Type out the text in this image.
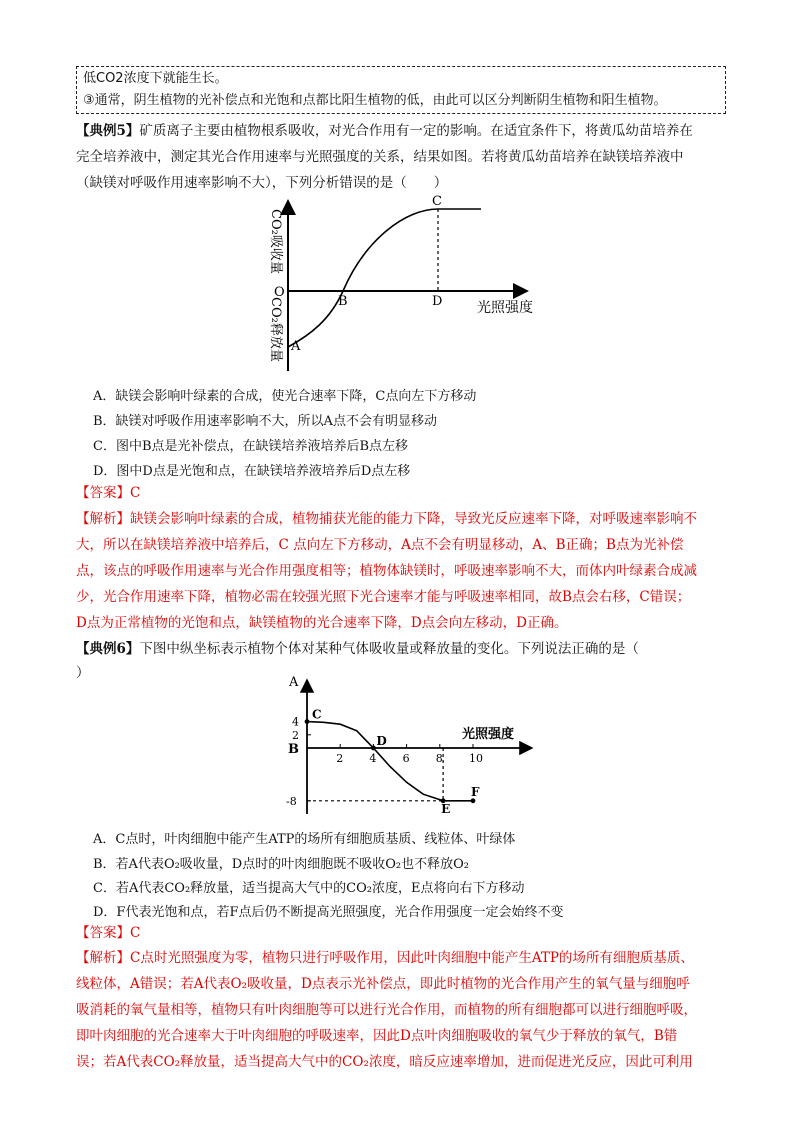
低CO2浓度下就能生长。
③通常，阴生植物的光补偿点和光饱和点都比阳生植物的低，由此可以区分判断阴生植物和阳生植物。
【典例5】矿质离子主要由植物根系吸收，对光合作用有一定的影响。在适宜条件下，将黄瓜幼苗培养在
完全培养液中，测定其光合作用速率与光照强度的关系，结果如图。若将黄瓜幼苗培养在缺镁培养液中
（缺镁对呼吸作用速率影响不大），下列分析错误的是（　　）
CO₂吸收量
CO₂释放量
O
A
B
C
D 光照强度
A．缺镁会影响叶绿素的合成，使光合速率下降，C点向左下方移动
B．缺镁对呼吸作用速率影响不大，所以A点不会有明显移动
C．图中B点是光补偿点，在缺镁培养液培养后B点左移
D．图中D点是光饱和点，在缺镁培养液培养后D点左移
【答案】C
【解析】缺镁会影响叶绿素的合成，植物捕获光能的能力下降，导致光反应速率下降，对呼吸速率影响不
大，所以在缺镁培养液中培养后，C 点向左下方移动，A点不会有明显移动，A、B正确；B点为光补偿
点，该点的呼吸作用速率与光合作用强度相等；植物体缺镁时，呼吸速率影响不大，而体内叶绿素合成减
少，光合作用速率下降，植物必需在较强光照下光合速率才能与呼吸速率相同，故B点会右移，C错误；
D点为正常植物的光饱和点，缺镁植物的光合速率下降，D点会向左移动，D正确。
【典例6】下图中纵坐标表示植物个体对某种气体吸收量或释放量的变化。下列说法正确的是（
）
2 4 6 8 10
4
2
-8
C
D
E
F
A
B
光照强度
A．C点时，叶肉细胞中能产生ATP的场所有细胞质基质、线粒体、叶绿体
B．若A代表O₂吸收量，D点时的叶肉细胞既不吸收O₂也不释放O₂
C．若A代表CO₂释放量，适当提高大气中的CO₂浓度，E点将向右下方移动
D．F代表光饱和点，若F点后仍不断提高光照强度，光合作用强度一定会始终不变
【答案】C
【解析】C点时光照强度为零，植物只进行呼吸作用，因此叶肉细胞中能产生ATP的场所有细胞质基质、
线粒体，A错误；若A代表O₂吸收量，D点表示光补偿点，即此时植物的光合作用产生的氧气量与细胞呼
吸消耗的氧气量相等，植物只有叶肉细胞等可以进行光合作用，而植物的所有细胞都可以进行细胞呼吸，
即叶肉细胞的光合速率大于叶肉细胞的呼吸速率，因此D点叶肉细胞吸收的氧气少于释放的氧气，B错
误；若A代表CO₂释放量，适当提高大气中的CO₂浓度，暗反应速率增加，进而促进光反应，因此可利用
